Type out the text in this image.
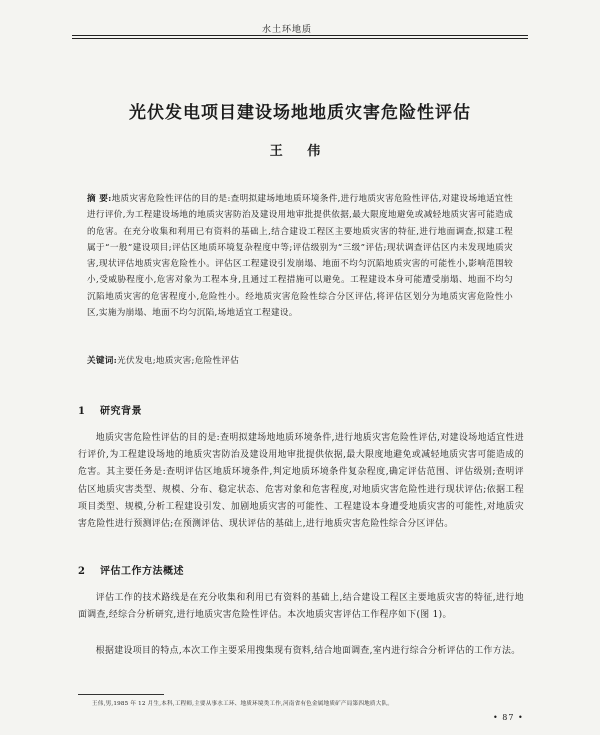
水土环地质
光伏发电项目建设场地地质灾害危险性评估
王 伟
摘 要:地质灾害危险性评估的目的是:查明拟建场地地质环境条件,进行地质灾害危险性评估,对建设场地适宜性进行评价,为工程建设场地的地质灾害防治及建设用地审批提供依据,最大限度地避免或减轻地质灾害可能造成的危害。在充分收集和利用已有资料的基础上,结合建设工程区主要地质灾害的特征,进行地面调查,拟建工程属于“一般”建设项目;评估区地质环境复杂程度中等;评估级别为“三级”评估;现状调查评估区内未发现地质灾害,现状评估地质灾害危险性小。评估区工程建设引发崩塌、地面不均匀沉陷地质灾害的可能性小,影响范围较小,受威胁程度小,危害对象为工程本身,且通过工程措施可以避免。工程建设本身可能遭受崩塌、地面不均匀沉陷地质灾害的危害程度小,危险性小。经地质灾害危险性综合分区评估,将评估区划分为地质灾害危险性小区,实施为崩塌、地面不均匀沉陷,场地适宜工程建设。
关键词:光伏发电;地质灾害;危险性评估
1 研究背景
地质灾害危险性评估的目的是:查明拟建场地地质环境条件,进行地质灾害危险性评估,对建设场地适宜性进行评价,为工程建设场地的地质灾害防治及建设用地审批提供依据,最大限度地避免或减轻地质灾害可能造成的危害。其主要任务是:查明评估区地质环境条件,判定地质环境条件复杂程度,确定评估范围、评估级别;查明评估区地质灾害类型、规模、分布、稳定状态、危害对象和危害程度,对地质灾害危险性进行现状评估;依据工程项目类型、规模,分析工程建设引发、加剧地质灾害的可能性、工程建设本身遭受地质灾害的可能性,对地质灾害危险性进行预测评估;在预测评估、现状评估的基础上,进行地质灾害危险性综合分区评估。
2 评估工作方法概述
评估工作的技术路线是在充分收集和利用已有资料的基础上,结合建设工程区主要地质灾害的特征,进行地面调查,经综合分析研究,进行地质灾害危险性评估。本次地质灾害评估工作程序如下(图 1)。
根据建设项目的特点,本次工作主要采用搜集现有资料,结合地面调查,室内进行综合分析评估的工作方法。
王伟,男,1985 年 12 月生,本科,工程师,主要从事水工环、地质环境类工作,河南省有色金属地质矿产局第四地质大队。
• 87 •
